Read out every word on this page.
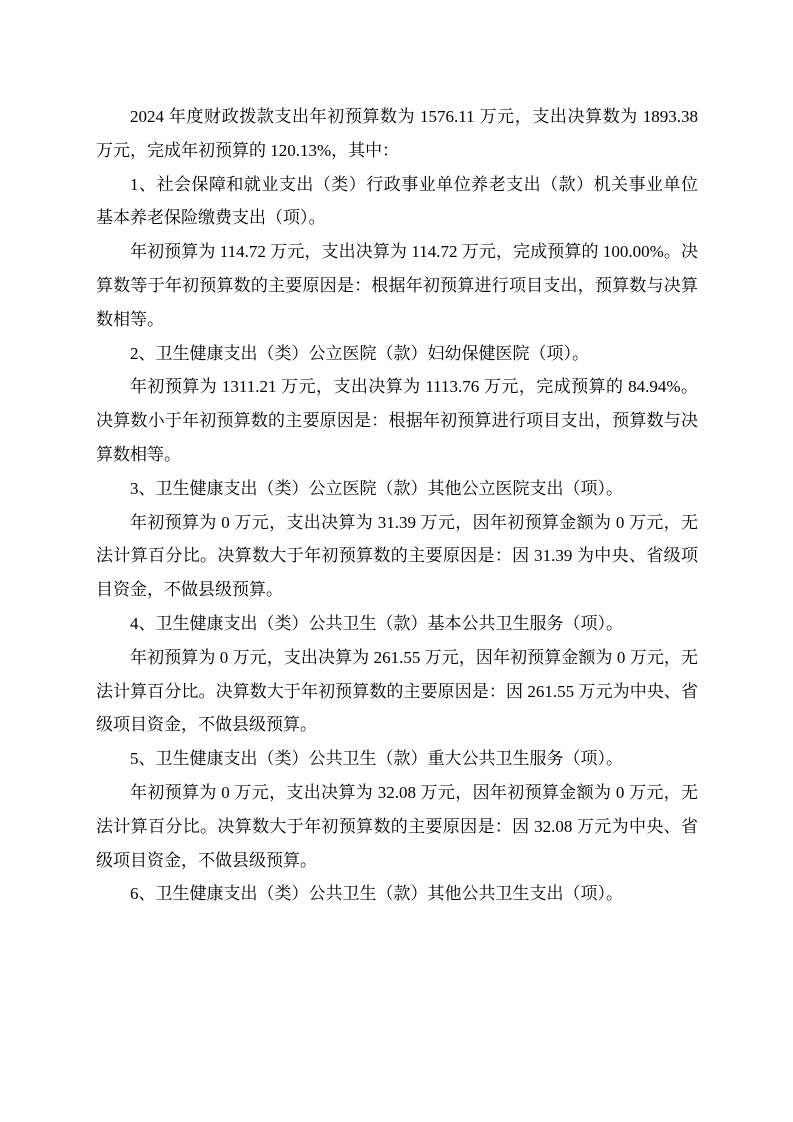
2024 年度财政拨款支出年初预算数为 1576.11 万元，支出决算数为 1893.38 万元，完成年初预算的 120.13%，其中：

1、社会保障和就业支出（类）行政事业单位养老支出（款）机关事业单位基本养老保险缴费支出（项）。

年初预算为 114.72 万元，支出决算为 114.72 万元，完成预算的 100.00%。决算数等于年初预算数的主要原因是：根据年初预算进行项目支出，预算数与决算数相等。

2、卫生健康支出（类）公立医院（款）妇幼保健医院（项）。

年初预算为 1311.21 万元，支出决算为 1113.76 万元，完成预算的 84.94%。决算数小于年初预算数的主要原因是：根据年初预算进行项目支出，预算数与决算数相等。

3、卫生健康支出（类）公立医院（款）其他公立医院支出（项）。

年初预算为 0 万元，支出决算为 31.39 万元，因年初预算金额为 0 万元，无法计算百分比。决算数大于年初预算数的主要原因是：因 31.39 为中央、省级项目资金，不做县级预算。

4、卫生健康支出（类）公共卫生（款）基本公共卫生服务（项）。

年初预算为 0 万元，支出决算为 261.55 万元，因年初预算金额为 0 万元，无法计算百分比。决算数大于年初预算数的主要原因是：因 261.55 万元为中央、省级项目资金，不做县级预算。

5、卫生健康支出（类）公共卫生（款）重大公共卫生服务（项）。

年初预算为 0 万元，支出决算为 32.08 万元，因年初预算金额为 0 万元，无法计算百分比。决算数大于年初预算数的主要原因是：因 32.08 万元为中央、省级项目资金，不做县级预算。

6、卫生健康支出（类）公共卫生（款）其他公共卫生支出（项）。
